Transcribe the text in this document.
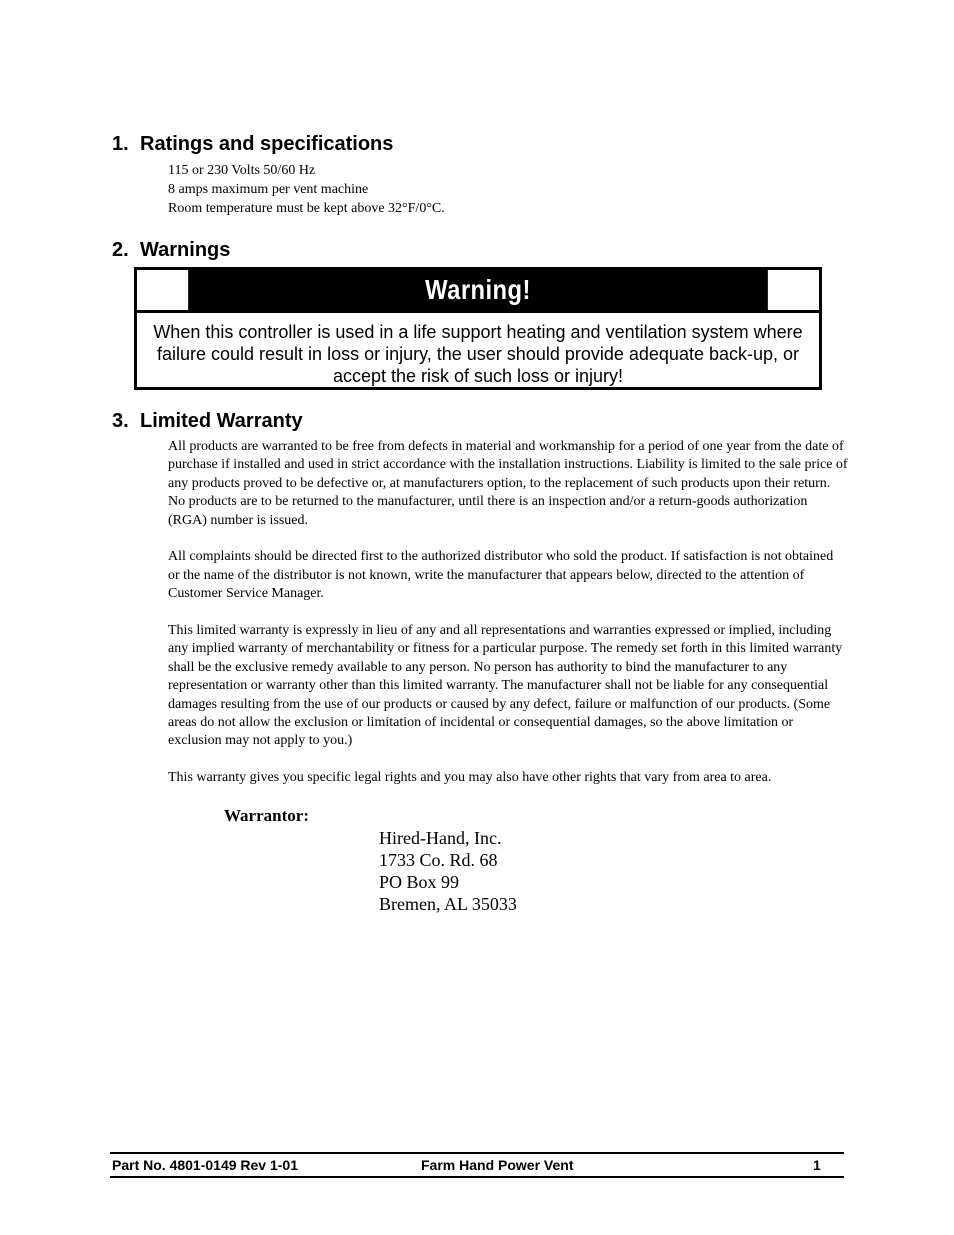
1. Ratings and specifications
115 or 230 Volts 50/60 Hz
8 amps maximum per vent machine
Room temperature must be kept above 32°F/0°C.
2. Warnings
Warning!
When this controller is used in a life support heating and ventilation system where failure could result in loss or injury, the user should provide adequate back-up, or accept the risk of such loss or injury!
3. Limited Warranty

All products are warranted to be free from defects in material and workmanship for a period of one year from the date of purchase if installed and used in strict accordance with the installation instructions. Liability is limited to the sale price of any products proved to be defective or, at manufacturers option, to the replacement of such products upon their return. No products are to be returned to the manufacturer, until there is an inspection and/or a return-goods authorization (RGA) number is issued.

All complaints should be directed first to the authorized distributor who sold the product. If satisfaction is not obtained or the name of the distributor is not known, write the manufacturer that appears below, directed to the attention of Customer Service Manager.

This limited warranty is expressly in lieu of any and all representations and warranties expressed or implied, including any implied warranty of merchantability or fitness for a particular purpose. The remedy set forth in this limited warranty shall be the exclusive remedy available to any person. No person has authority to bind the manufacturer to any representation or warranty other than this limited warranty. The manufacturer shall not be liable for any consequential damages resulting from the use of our products or caused by any defect, failure or malfunction of our products. (Some areas do not allow the exclusion or limitation of incidental or consequential damages, so the above limitation or exclusion may not apply to you.)

This warranty gives you specific legal rights and you may also have other rights that vary from area to area.

Warrantor:
Hired-Hand, Inc.
1733 Co. Rd. 68
PO Box 99
Bremen, AL 35033
Part No. 4801-0149 Rev 1-01	Farm Hand Power Vent	1
